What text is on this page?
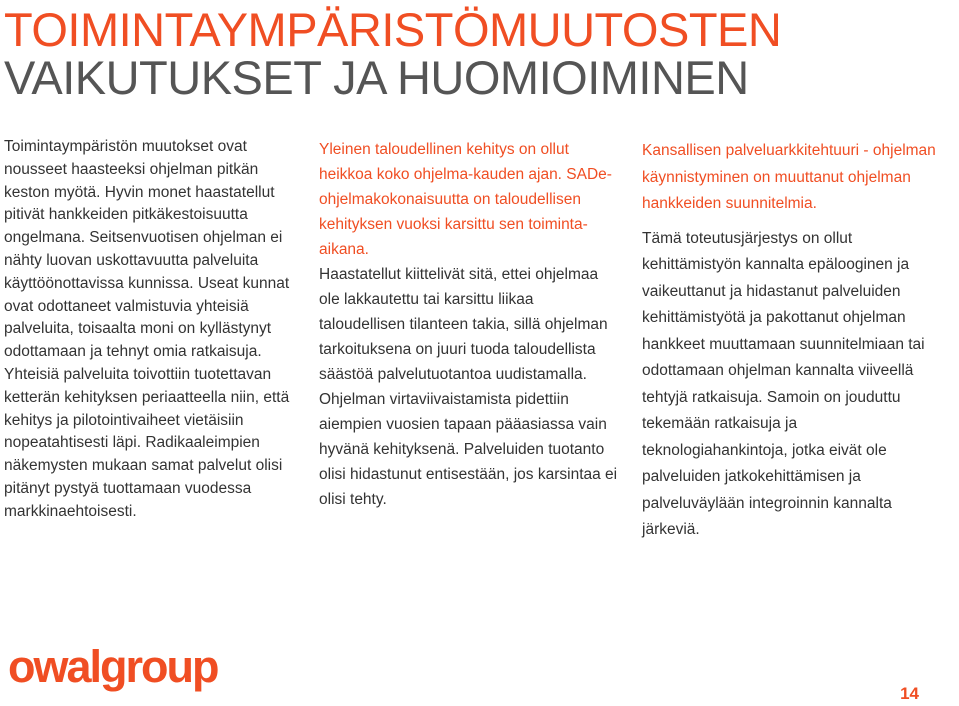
TOIMINTAYMPÄRISTÖMUUTOSTEN
VAIKUTUKSET JA HUOMIOIMINEN

Toimintaympäristön muutokset ovat nousseet haasteeksi ohjelman pitkän keston myötä. Hyvin monet haastatellut pitivät hankkeiden pitkäkestoisuutta ongelmana. Seitsenvuotisen ohjelman ei nähty luovan uskottavuutta palveluita käyttöönottavissa kunnissa. Useat kunnat ovat odottaneet valmistuvia yhteisiä palveluita, toisaalta moni on kyllästynyt odottamaan ja tehnyt omia ratkaisuja. Yhteisiä palveluita toivottiin tuotettavan ketterän kehityksen periaatteella niin, että kehitys ja pilotointivaiheet vietäisiin nopeatahtisesti läpi. Radikaaleimpien näkemysten mukaan samat palvelut olisi pitänyt pystyä tuottamaan vuodessa markkinaehtoisesti.

Yleinen taloudellinen kehitys on ollut heikkoa koko ohjelma-kauden ajan. SADe-ohjelmakokonaisuutta on taloudellisen kehityksen vuoksi karsittu sen toiminta-aikana.

Haastatellut kiittelivät sitä, ettei ohjelmaa ole lakkautettu tai karsittu liikaa taloudellisen tilanteen takia, sillä ohjelman tarkoituksena on juuri tuoda taloudellista säästöä palvelutuotantoa uudistamalla. Ohjelman virtaviivaistamista pidettiin aiempien vuosien tapaan pääasiassa vain hyvänä kehityksenä. Palveluiden tuotanto olisi hidastunut entisestään, jos karsintaa ei olisi tehty.

Kansallisen palveluarkkitehtuuri - ohjelman käynnistyminen on muuttanut ohjelman hankkeiden suunnitelmia.

Tämä toteutusjärjestys on ollut kehittämistyön kannalta epälooginen ja vaikeuttanut ja hidastanut palveluiden kehittämistyötä ja pakottanut ohjelman hankkeet muuttamaan suunnitelmiaan tai odottamaan ohjelman kannalta viiveellä tehtyjä ratkaisuja. Samoin on jouduttu tekemään ratkaisuja ja teknologiahankintoja, jotka eivät ole palveluiden jatkokehittämisen ja palveluväylään integroinnin kannalta järkeviä.

owalgroup
14
